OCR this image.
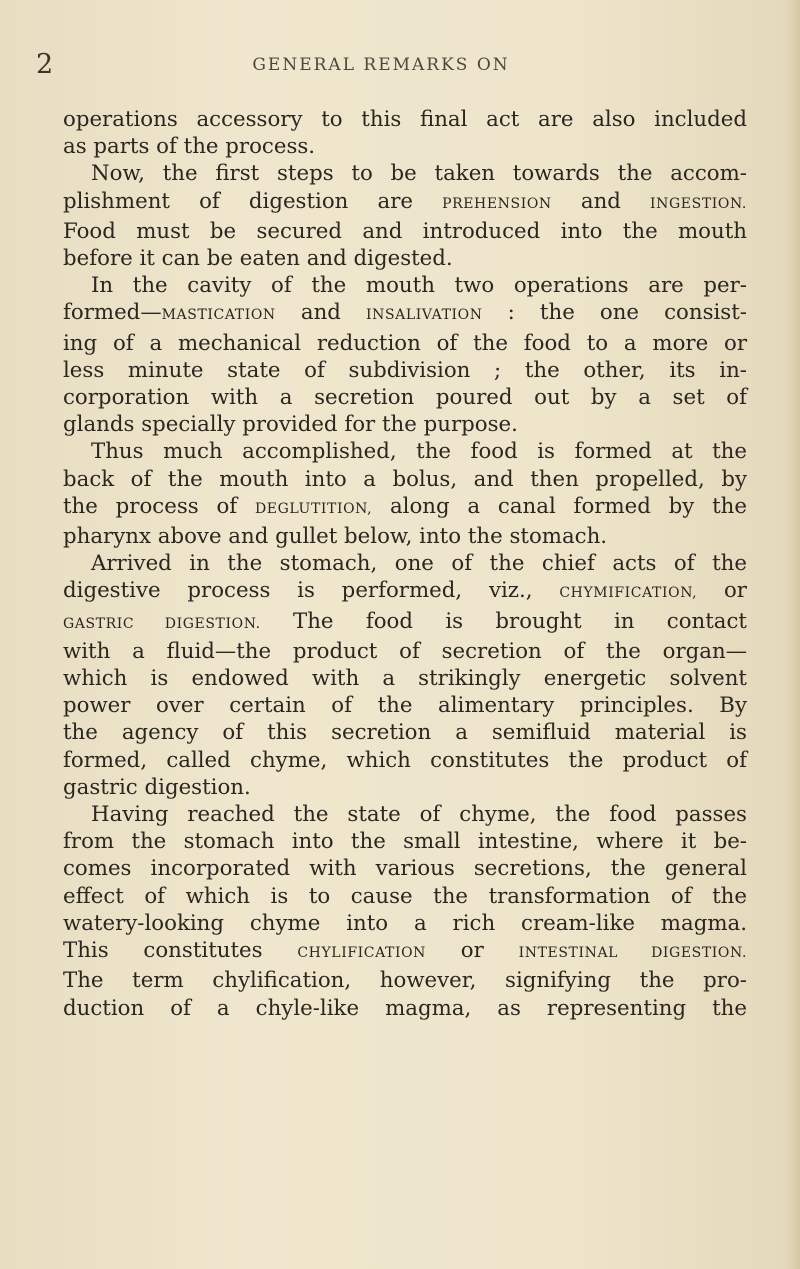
2	GENERAL REMARKS ON
operations accessory to this final act are also included
as parts of the process.
Now, the first steps to be taken towards the accom-
plishment of digestion are PREHENSION and INGESTION.
Food must be secured and introduced into the mouth
before it can be eaten and digested.
In the cavity of the mouth two operations are per-
formed—MASTICATION and INSALIVATION : the one consist-
ing of a mechanical reduction of the food to a more or
less minute state of subdivision ; the other, its in-
corporation with a secretion poured out by a set of
glands specially provided for the purpose.
Thus much accomplished, the food is formed at the
back of the mouth into a bolus, and then propelled, by
the process of DEGLUTITION, along a canal formed by the
pharynx above and gullet below, into the stomach.
Arrived in the stomach, one of the chief acts of the
digestive process is performed, viz., CHYMIFICATION, or
GASTRIC DIGESTION. The food is brought in contact
with a fluid—the product of secretion of the organ—
which is endowed with a strikingly energetic solvent
power over certain of the alimentary principles. By
the agency of this secretion a semifluid material is
formed, called chyme, which constitutes the product of
gastric digestion.
Having reached the state of chyme, the food passes
from the stomach into the small intestine, where it be-
comes incorporated with various secretions, the general
effect of which is to cause the transformation of the
watery-looking chyme into a rich cream-like magma.
This constitutes CHYLIFICATION or INTESTINAL DIGESTION.
The term chylification, however, signifying the pro-
duction of a chyle-like magma, as representing the
